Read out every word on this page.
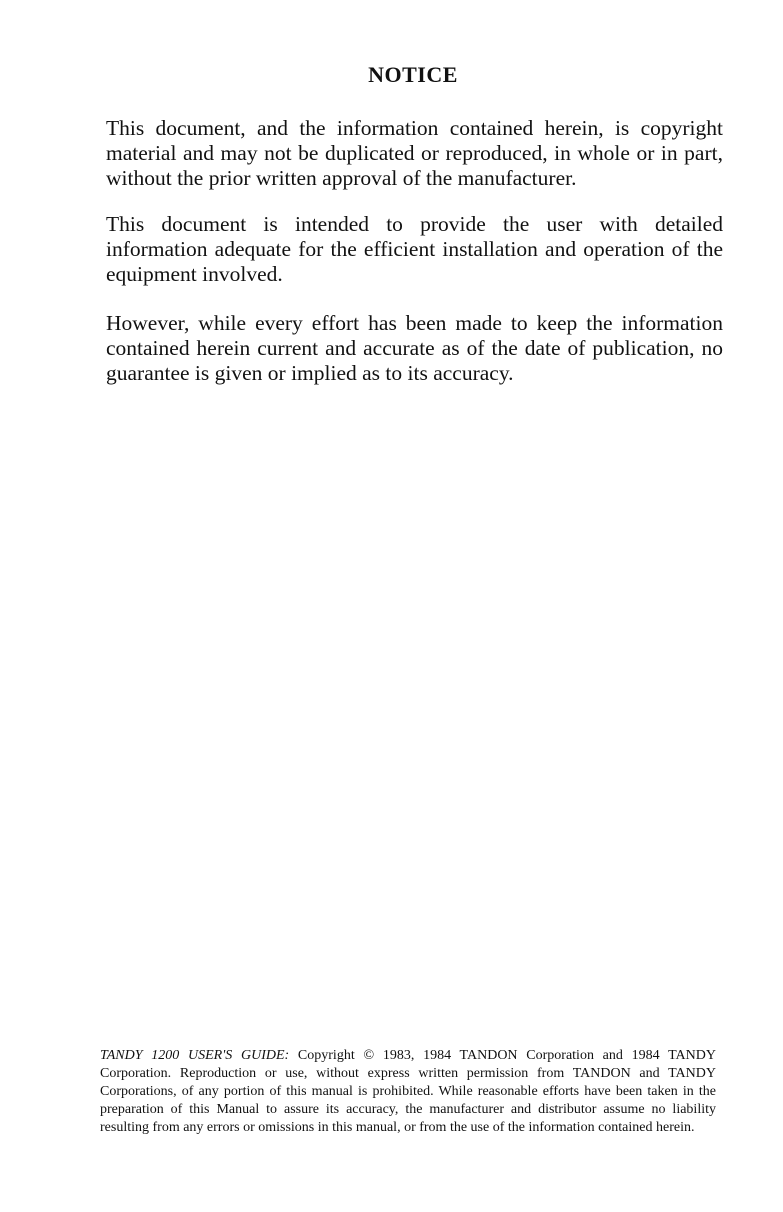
NOTICE

This document, and the information contained herein, is copyright material and may not be duplicated or reproduced, in whole or in part, without the prior written approval of the manufacturer.

This document is intended to provide the user with detailed information adequate for the efficient installation and operation of the equipment involved.

However, while every effort has been made to keep the information contained herein current and accurate as of the date of publication, no guarantee is given or implied as to its accuracy.

TANDY 1200 USER'S GUIDE: Copyright © 1983, 1984 TANDON Corporation and 1984 TANDY Corporation. Reproduction or use, without express written permission from TANDON and TANDY Corporations, of any portion of this manual is prohibited. While reasonable efforts have been taken in the preparation of this Manual to assure its accuracy, the manufacturer and distributor assume no liability resulting from any errors or omissions in this manual, or from the use of the information contained herein.
